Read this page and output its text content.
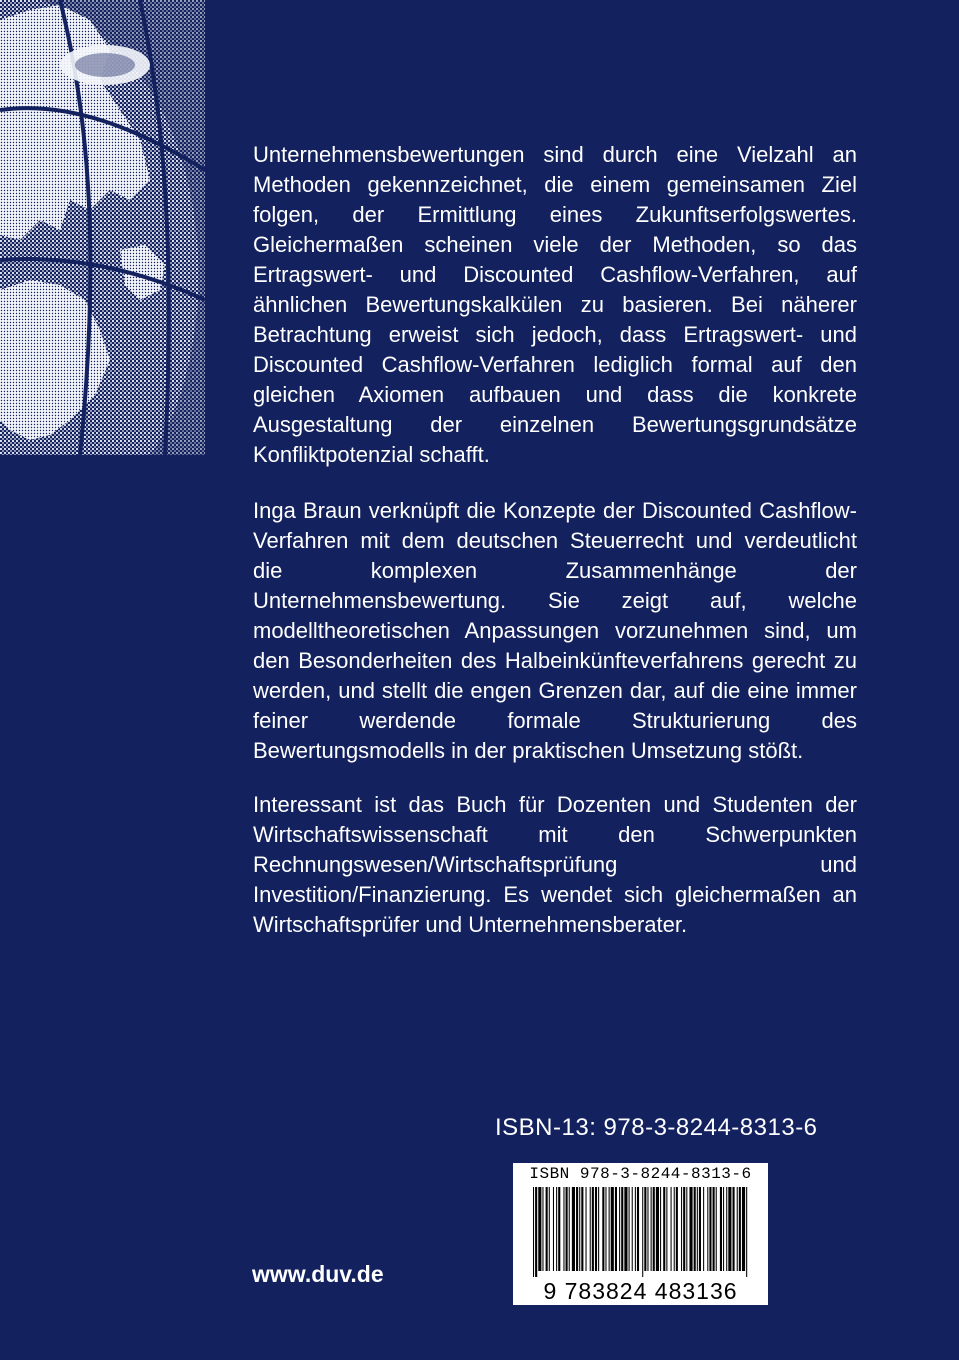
Unternehmensbewertungen sind durch eine Vielzahl an Methoden gekennzeichnet, die einem gemeinsamen Ziel folgen, der Ermittlung eines Zukunftserfolgswertes. Gleichermaßen scheinen viele der Methoden, so das Ertragswert- und Discounted Cashflow-Verfahren, auf ähnlichen Bewertungskalkülen zu basieren. Bei näherer Betrachtung erweist sich jedoch, dass Ertragswert- und Discounted Cashflow-Verfahren lediglich formal auf den gleichen Axiomen aufbauen und dass die konkrete Ausgestaltung der einzelnen Bewertungsgrundsätze Konfliktpotenzial schafft.

Inga Braun verknüpft die Konzepte der Discounted Cashflow-Verfahren mit dem deutschen Steuerrecht und verdeutlicht die komplexen Zusammenhänge der Unternehmensbewertung. Sie zeigt auf, welche modelltheoretischen Anpassungen vorzunehmen sind, um den Besonderheiten des Halbeinkünfteverfahrens gerecht zu werden, und stellt die engen Grenzen dar, auf die eine immer feiner werdende formale Strukturierung des Bewertungsmodells in der praktischen Umsetzung stößt.

Interessant ist das Buch für Dozenten und Studenten der Wirtschaftswissenschaft mit den Schwerpunkten Rechnungswesen/Wirtschaftsprüfung und Investition/Finanzierung. Es wendet sich gleichermaßen an Wirtschaftsprüfer und Unternehmensberater.

ISBN-13: 978-3-8244-8313-6
ISBN 978-3-8244-8313-6
9 783824 483136
www.duv.de
